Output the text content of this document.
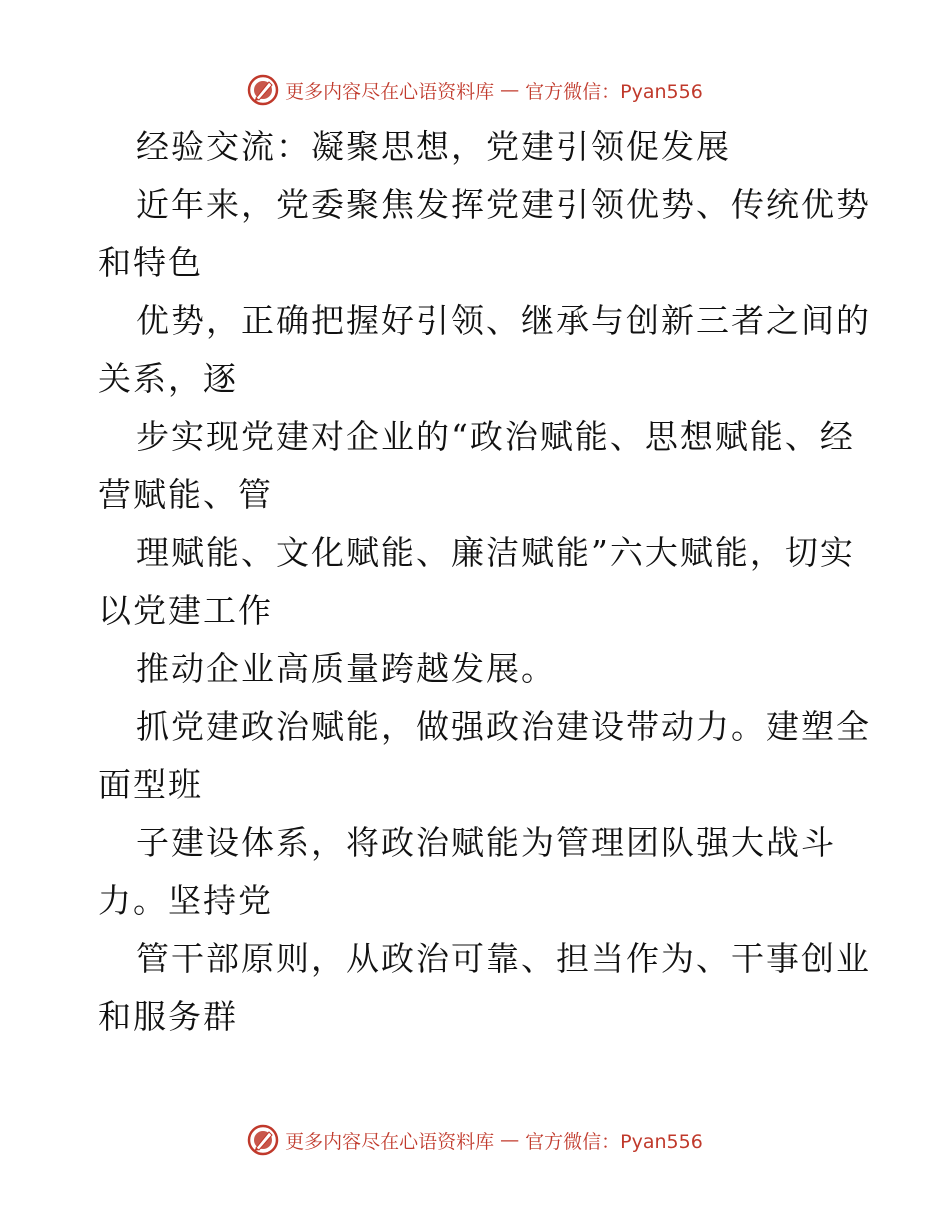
更多内容尽在心语资料库 — 官方微信：Pyan556
经验交流：凝聚思想，党建引领促发展
近年来，党委聚焦发挥党建引领优势、传统优势
和特色
优势，正确把握好引领、继承与创新三者之间的
关系，逐
步实现党建对企业的“政治赋能、思想赋能、经
营赋能、管
理赋能、文化赋能、廉洁赋能”六大赋能，切实
以党建工作
推动企业高质量跨越发展。
抓党建政治赋能，做强政治建设带动力。建塑全
面型班
子建设体系，将政治赋能为管理团队强大战斗
力。坚持党
管干部原则，从政治可靠、担当作为、干事创业
和服务群
更多内容尽在心语资料库 — 官方微信：Pyan556
